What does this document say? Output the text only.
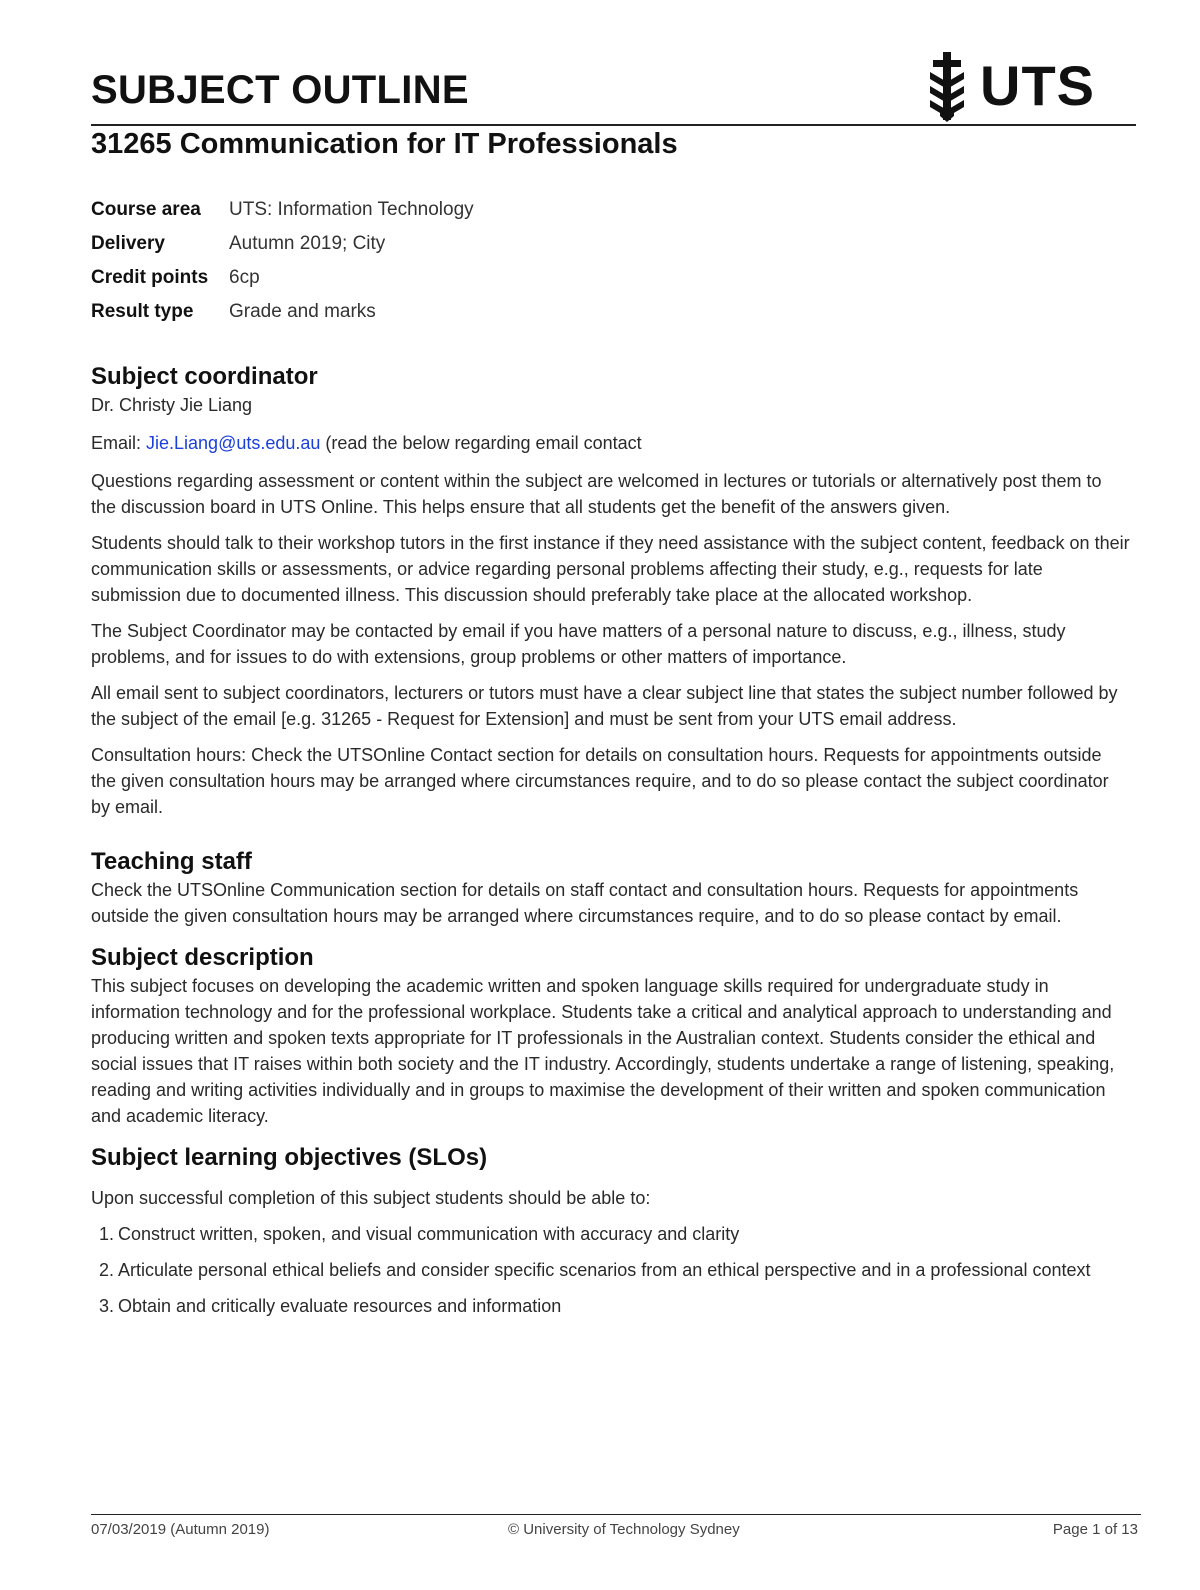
SUBJECT OUTLINE	UTS
31265 Communication for IT Professionals
Course area	UTS: Information Technology
Delivery	Autumn 2019; City
Credit points	6cp
Result type	Grade and marks
Subject coordinator

Dr. Christy Jie Liang

Email: Jie.Liang@uts.edu.au (read the below regarding email contact

Questions regarding assessment or content within the subject are welcomed in lectures or tutorials or alternatively post them to the discussion board in UTS Online. This helps ensure that all students get the benefit of the answers given.

Students should talk to their workshop tutors in the first instance if they need assistance with the subject content, feedback on their communication skills or assessments, or advice regarding personal problems affecting their study, e.g., requests for late submission due to documented illness. This discussion should preferably take place at the allocated workshop.

The Subject Coordinator may be contacted by email if you have matters of a personal nature to discuss, e.g., illness, study problems, and for issues to do with extensions, group problems or other matters of importance.

All email sent to subject coordinators, lecturers or tutors must have a clear subject line that states the subject number followed by the subject of the email [e.g. 31265 - Request for Extension] and must be sent from your UTS email address.

Consultation hours: Check the UTSOnline Contact section for details on consultation hours. Requests for appointments outside the given consultation hours may be arranged where circumstances require, and to do so please contact the subject coordinator by email.

Teaching staff

Check the UTSOnline Communication section for details on staff contact and consultation hours. Requests for appointments outside the given consultation hours may be arranged where circumstances require, and to do so please contact by email.

Subject description

This subject focuses on developing the academic written and spoken language skills required for undergraduate study in information technology and for the professional workplace. Students take a critical and analytical approach to understanding and producing written and spoken texts appropriate for IT professionals in the Australian context. Students consider the ethical and social issues that IT raises within both society and the IT industry. Accordingly, students undertake a range of listening, speaking, reading and writing activities individually and in groups to maximise the development of their written and spoken communication and academic literacy.

Subject learning objectives (SLOs)

Upon successful completion of this subject students should be able to:

1. Construct written, spoken, and visual communication with accuracy and clarity
2. Articulate personal ethical beliefs and consider specific scenarios from an ethical perspective and in a professional context
3. Obtain and critically evaluate resources and information
07/03/2019 (Autumn 2019)	© University of Technology Sydney	Page 1 of 13
